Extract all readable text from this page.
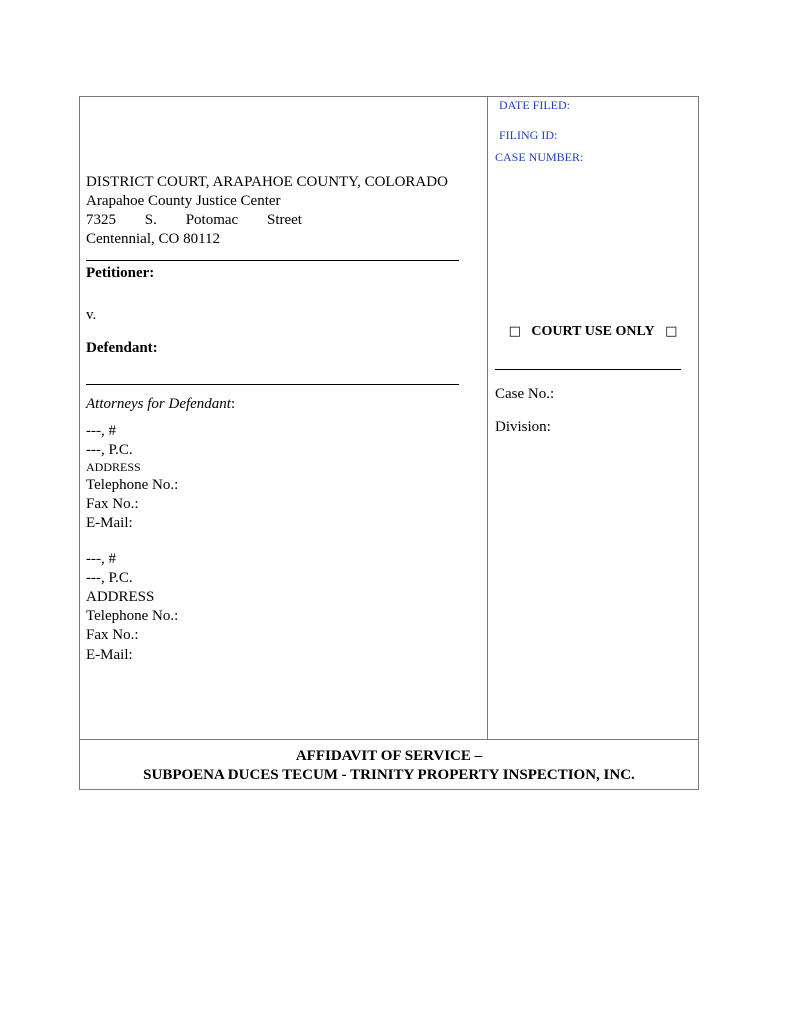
DATE FILED:
FILING ID:
CASE NUMBER:
□ COURT USE ONLY □
Case No.:
Division:
DISTRICT COURT, ARAPAHOE COUNTY, COLORADO
Arapahoe County Justice Center
7325 S. Potomac Street
Centennial, CO 80112
Petitioner:
v.
Defendant:
Attorneys for Defendant:
---, #
---, P.C.
ADDRESS
Telephone No.:
Fax No.:
E-Mail:
---, #
---, P.C.
ADDRESS
Telephone No.:
Fax No.:
E-Mail:
AFFIDAVIT OF SERVICE –
SUBPOENA DUCES TECUM - TRINITY PROPERTY INSPECTION, INC.
